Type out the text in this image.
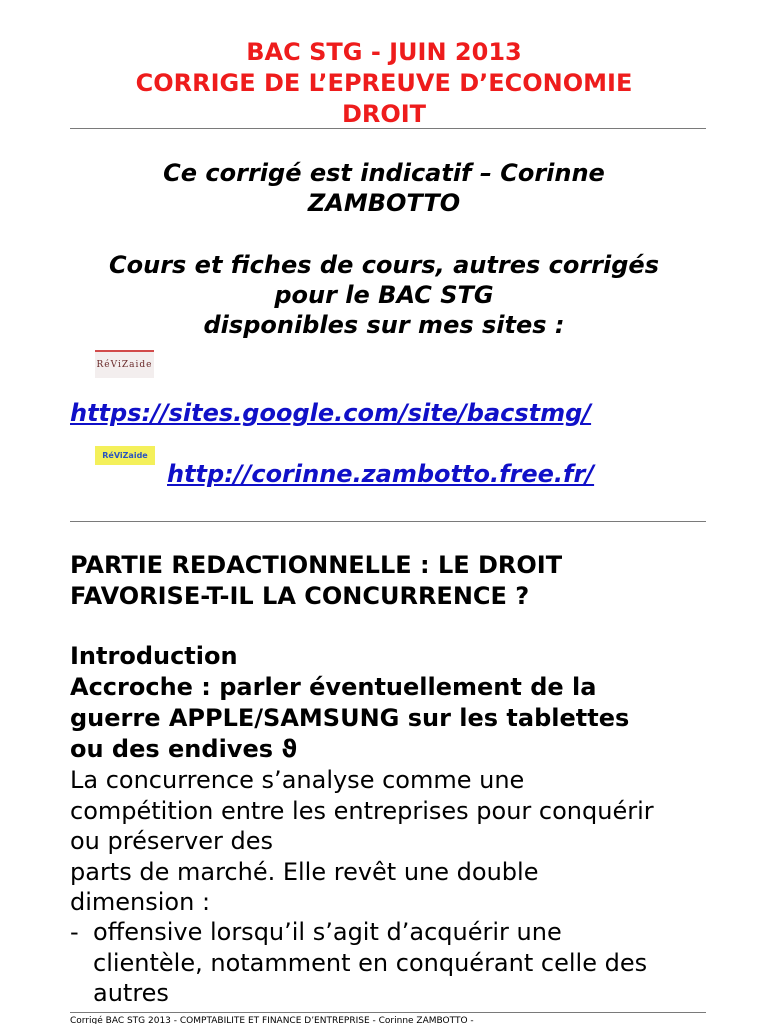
BAC STG - JUIN 2013
CORRIGE DE L’EPREUVE D’ECONOMIE
DROIT
Ce corrigé est indicatif – Corinne
ZAMBOTTO
Cours et fiches de cours, autres corrigés
pour le BAC STG
disponibles sur mes sites :
RéViZaide
https://sites.google.com/site/bacstmg/
RéViZaide
http://corinne.zambotto.free.fr/
PARTIE REDACTIONNELLE : LE DROIT
FAVORISE-T-IL LA CONCURRENCE ?
Introduction
Accroche : parler éventuellement de la
guerre APPLE/SAMSUNG sur les tablettes
ou des endives ϑ
La concurrence s’analyse comme une
compétition entre les entreprises pour conquérir
ou préserver des
parts de marché. Elle revêt une double
dimension :
- offensive lorsqu’il s’agit d’acquérir une
clientèle, notamment en conquérant celle des
autres
Corrigé BAC STG 2013 - COMPTABILITE ET FINANCE D’ENTREPRISE - Corinne ZAMBOTTO -
